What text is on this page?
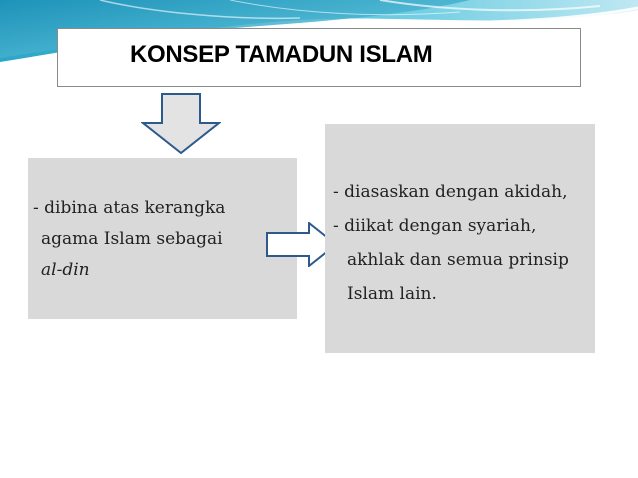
KONSEP TAMADUN ISLAM
- dibina atas kerangka
agama Islam sebagai
al-din
- diasaskan dengan akidah,
- diikat dengan syariah,
akhlak dan semua prinsip
Islam lain.
